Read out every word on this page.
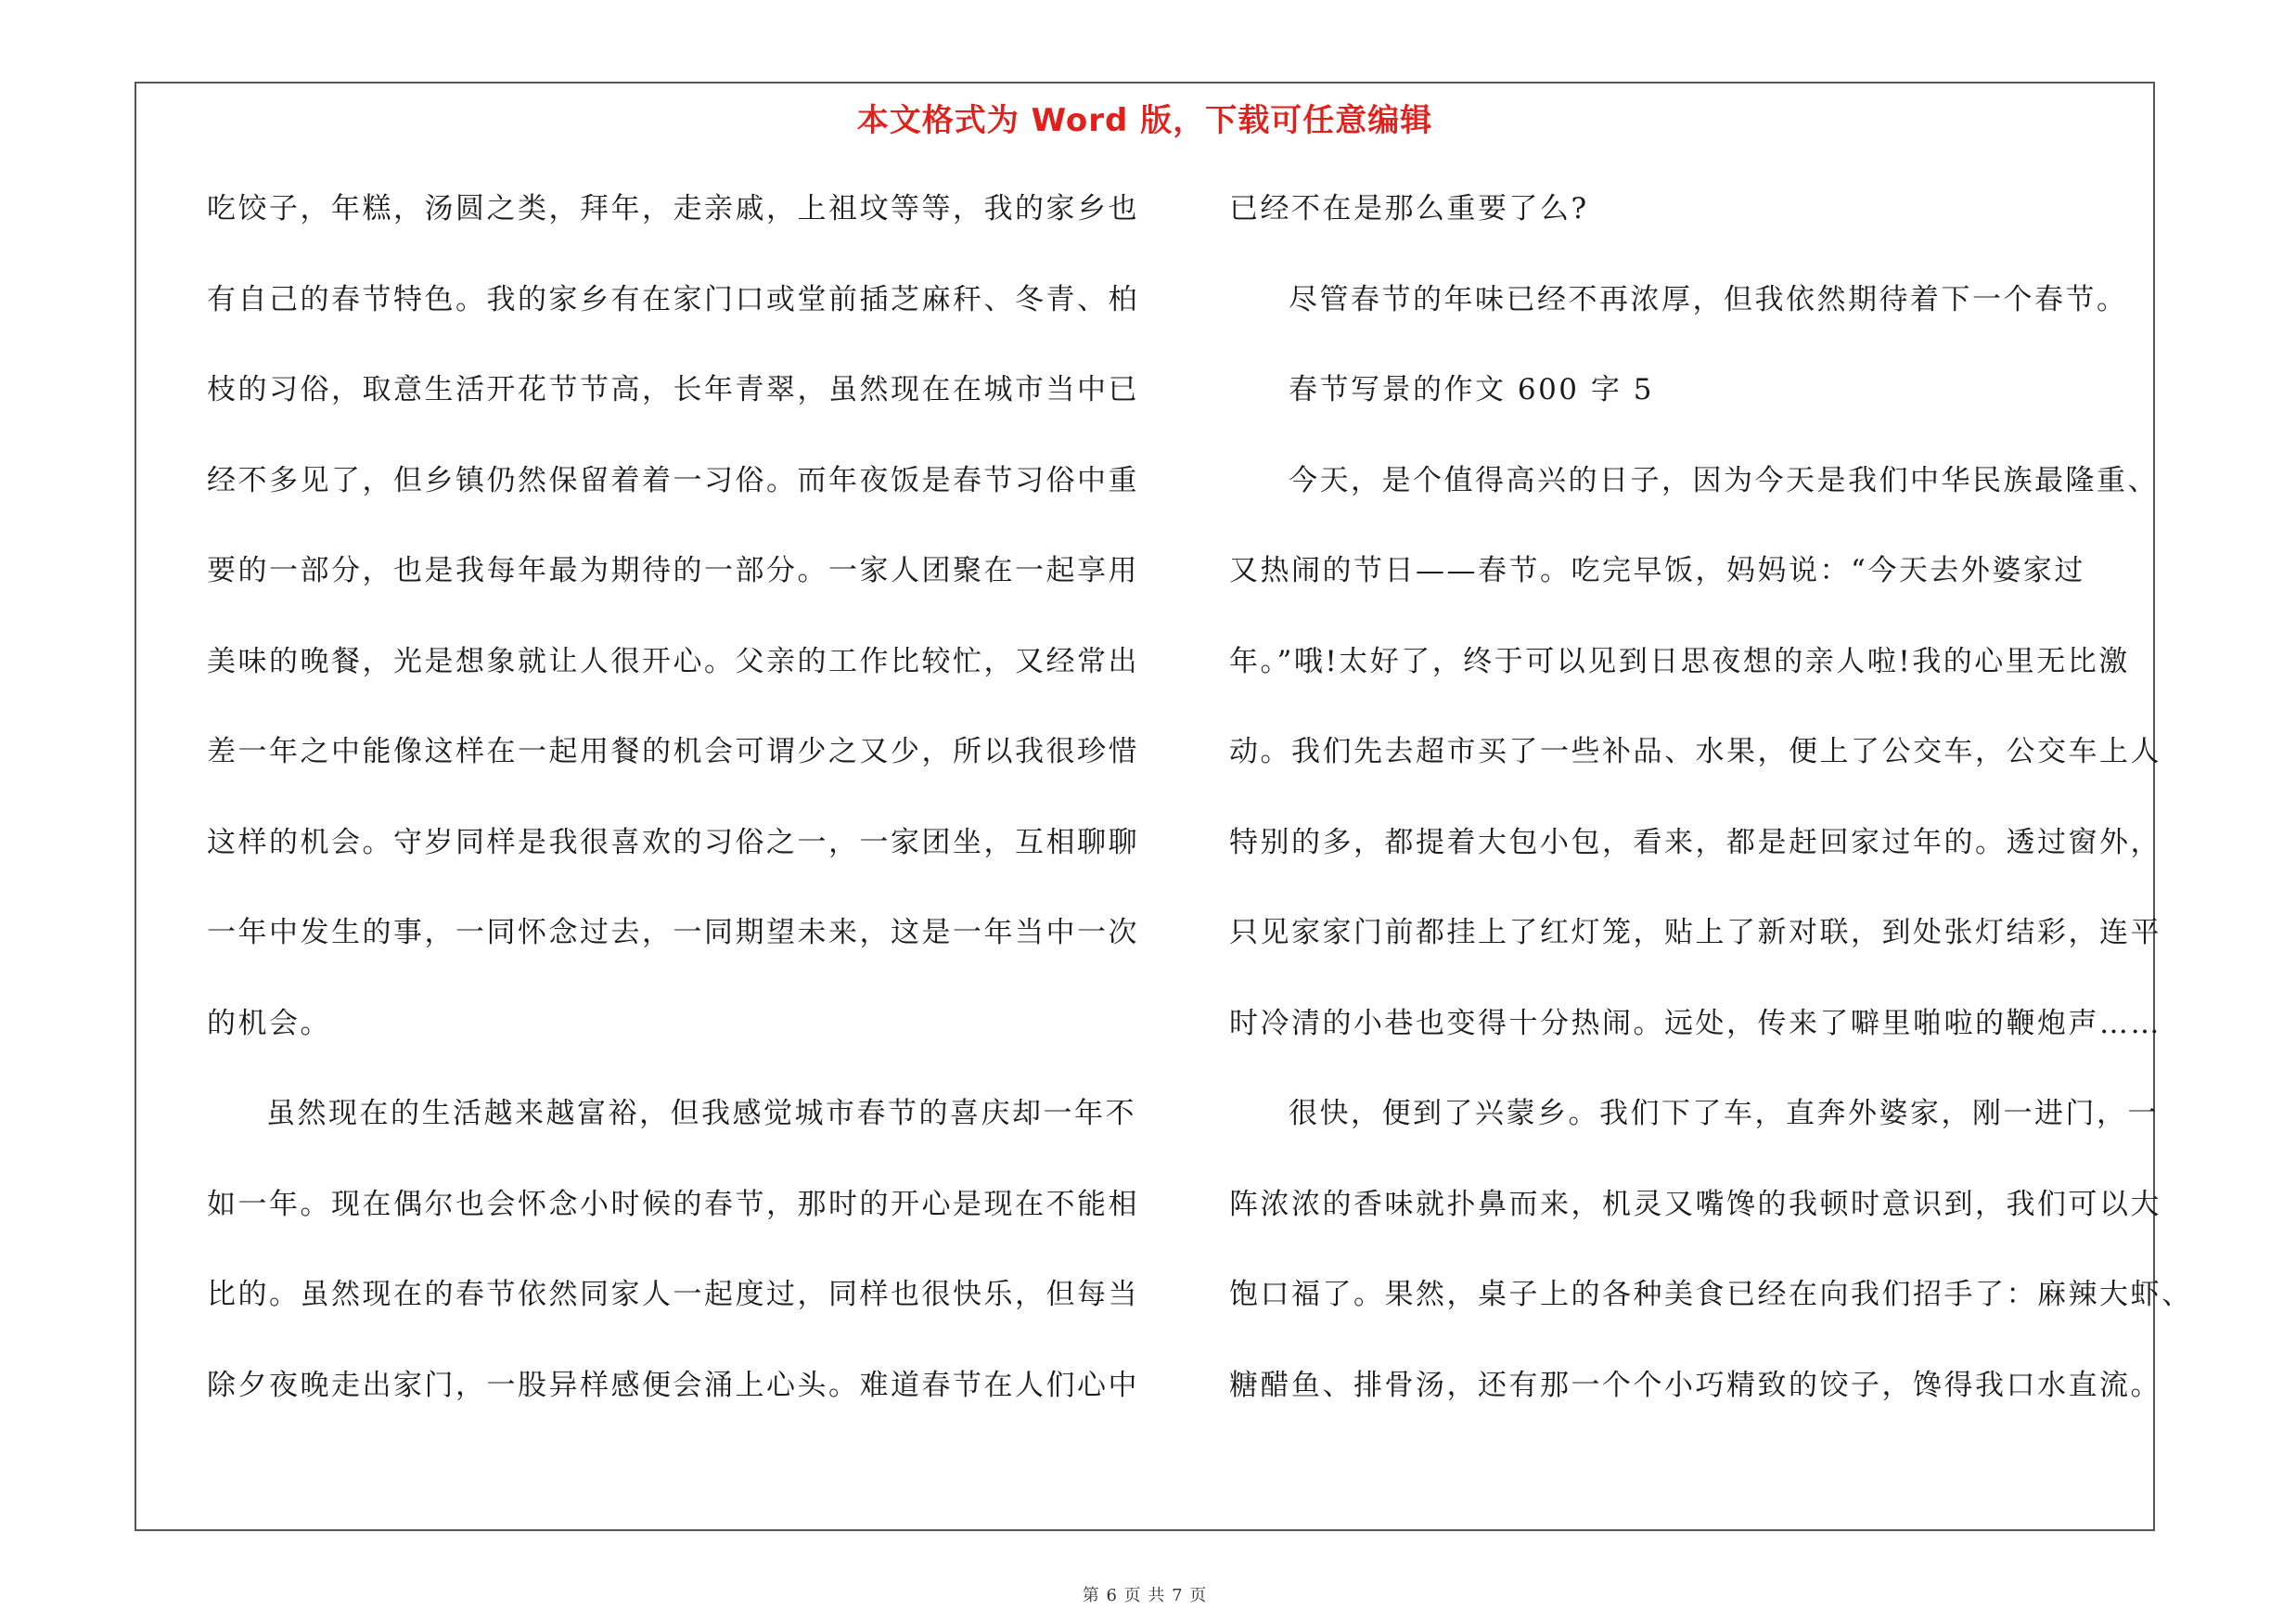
本文格式为 Word 版，下载可任意编辑
第 6 页 共 7 页
吃饺子，年糕，汤圆之类，拜年，走亲戚，上祖坟等等，我的家乡也
有自己的春节特色。我的家乡有在家门口或堂前插芝麻秆、冬青、柏
枝的习俗，取意生活开花节节高，长年青翠，虽然现在在城市当中已
经不多见了，但乡镇仍然保留着着一习俗。而年夜饭是春节习俗中重
要的一部分，也是我每年最为期待的一部分。一家人团聚在一起享用
美味的晚餐，光是想象就让人很开心。父亲的工作比较忙，又经常出
差一年之中能像这样在一起用餐的机会可谓少之又少，所以我很珍惜
这样的机会。守岁同样是我很喜欢的习俗之一，一家团坐，互相聊聊
一年中发生的事，一同怀念过去，一同期望未来，这是一年当中一次
的机会。
虽然现在的生活越来越富裕，但我感觉城市春节的喜庆却一年不
如一年。现在偶尔也会怀念小时候的春节，那时的开心是现在不能相
比的。虽然现在的春节依然同家人一起度过，同样也很快乐，但每当
除夕夜晚走出家门，一股异样感便会涌上心头。难道春节在人们心中
已经不在是那么重要了么?
尽管春节的年味已经不再浓厚，但我依然期待着下一个春节。
春节写景的作文 600 字 5
今天，是个值得高兴的日子，因为今天是我们中华民族最隆重、
又热闹的节日——春节。吃完早饭，妈妈说：“今天去外婆家过
年。”哦!太好了，终于可以见到日思夜想的亲人啦!我的心里无比激
动。我们先去超市买了一些补品、水果，便上了公交车，公交车上人
特别的多，都提着大包小包，看来，都是赶回家过年的。透过窗外，
只见家家门前都挂上了红灯笼，贴上了新对联，到处张灯结彩，连平
时冷清的小巷也变得十分热闹。远处，传来了噼里啪啦的鞭炮声……
很快，便到了兴蒙乡。我们下了车，直奔外婆家，刚一进门，一
阵浓浓的香味就扑鼻而来，机灵又嘴馋的我顿时意识到，我们可以大
饱口福了。果然，桌子上的各种美食已经在向我们招手了：麻辣大虾、
糖醋鱼、排骨汤，还有那一个个小巧精致的饺子，馋得我口水直流。
